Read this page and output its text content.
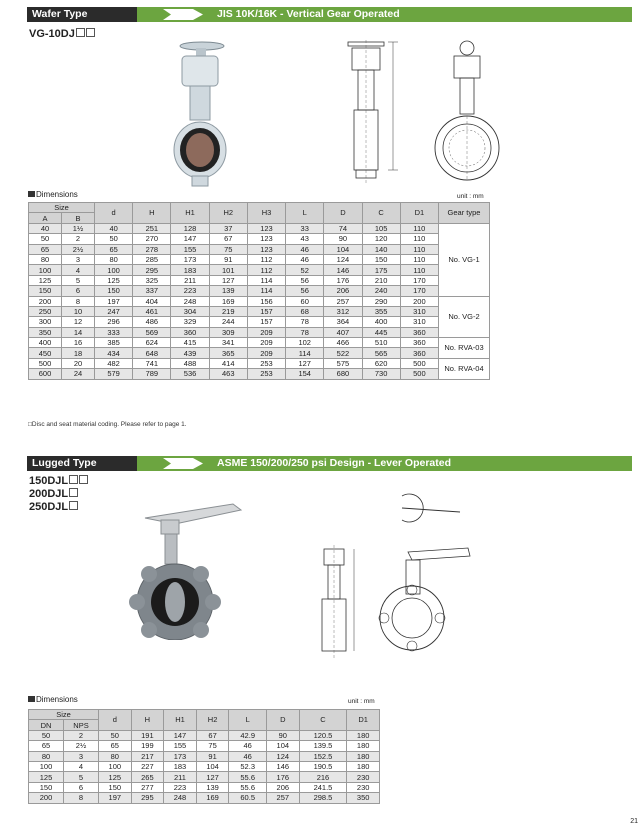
Wafer Type	JIS 10K/16K - Vertical Gear Operated
VG-10DJ
Dimensions	unit : mm
Size		d	H	H1	H2	H3	L	D	C	D1	Gear type
A	B										
40	1½	40	251	128	37	123	33	74	105	110	No. VG-1
50	2	50	270	147	67	123	43	90	120	110	
65	2½	65	278	155	75	123	46	104	140	110	
80	3	80	285	173	91	112	46	124	150	110	
100	4	100	295	183	101	112	52	146	175	110	
125	5	125	325	211	127	114	56	176	210	170	
150	6	150	337	223	139	114	56	206	240	170	
200	8	197	404	248	169	156	60	257	290	200	No. VG-2
250	10	247	461	304	219	157	68	312	355	310	
300	12	296	486	329	244	157	78	364	400	310	
350	14	333	569	360	309	209	78	407	445	360	
400	16	385	624	415	341	209	102	466	510	360	No. RVA-03
450	18	434	648	439	365	209	114	522	565	360	
500	20	482	741	488	414	253	127	575	620	500	No. RVA-04
600	24	579	789	536	463	253	154	680	730	500	
□Disc and seat material coding. Please refer to page 1.
Lugged Type	ASME 150/200/250 psi Design - Lever Operated
150DJL
200DJL
250DJL
Dimensions	unit : mm
Size		d	H	H1	H2	L	D	C	D1
DN	NPS								
50	2	50	191	147	67	42.9	90	120.5	180
65	2½	65	199	155	75	46	104	139.5	180
80	3	80	217	173	91	46	124	152.5	180
100	4	100	227	183	104	52.3	146	190.5	180
125	5	125	265	211	127	55.6	176	216	230
150	6	150	277	223	139	55.6	206	241.5	230
200	8	197	295	248	169	60.5	257	298.5	350
21
